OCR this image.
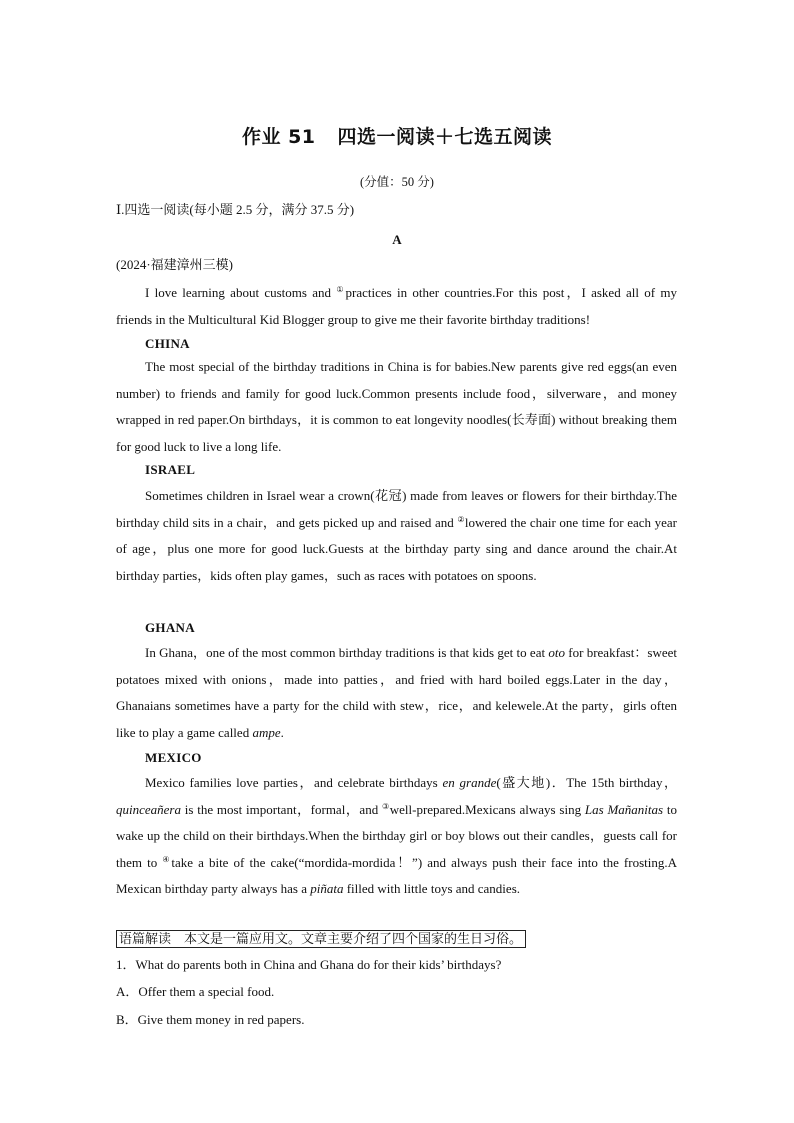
作业 51 四选一阅读＋七选五阅读
(分值：50 分)
Ⅰ.四选一阅读(每小题 2.5 分，满分 37.5 分)
A
(2024·福建漳州三模)
I love learning about customs and ①practices in other countries.For this post，I asked all of my friends in the Multicultural Kid Blogger group to give me their favorite birthday traditions!
CHINA
The most special of the birthday traditions in China is for babies.New parents give red eggs(an even number) to friends and family for good luck.Common presents include food，silverware，and money wrapped in red paper.On birthdays，it is common to eat longevity noodles(长寿面) without breaking them for good luck to live a long life.
ISRAEL
Sometimes children in Israel wear a crown(花冠) made from leaves or flowers for their birthday.The birthday child sits in a chair，and gets picked up and raised and ②lowered the chair one time for each year of age，plus one more for good luck.Guests at the birthday party sing and dance around the chair.At birthday parties，kids often play games，such as races with potatoes on spoons.
GHANA
In Ghana，one of the most common birthday traditions is that kids get to eat oto for breakfast：sweet potatoes mixed with onions，made into patties，and fried with hard boiled eggs.Later in the day，Ghanaians sometimes have a party for the child with stew，rice，and kelewele.At the party，girls often like to play a game called ampe.
MEXICO
Mexico families love parties，and celebrate birthdays en grande(盛大地)．The 15th birthday，quinceañera is the most important，formal，and ③well-prepared.Mexicans always sing Las Mañanitas to wake up the child on their birthdays.When the birthday girl or boy blows out their candles，guests call for them to ④take a bite of the cake(“mordida-mordida！”) and always push their face into the frosting.A Mexican birthday party always has a piñata filled with little toys and candies.
语篇解读　本文是一篇应用文。文章主要介绍了四个国家的生日习俗。
1．What do parents both in China and Ghana do for their kids’ birthdays?
A．Offer them a special food.
B．Give them money in red papers.
